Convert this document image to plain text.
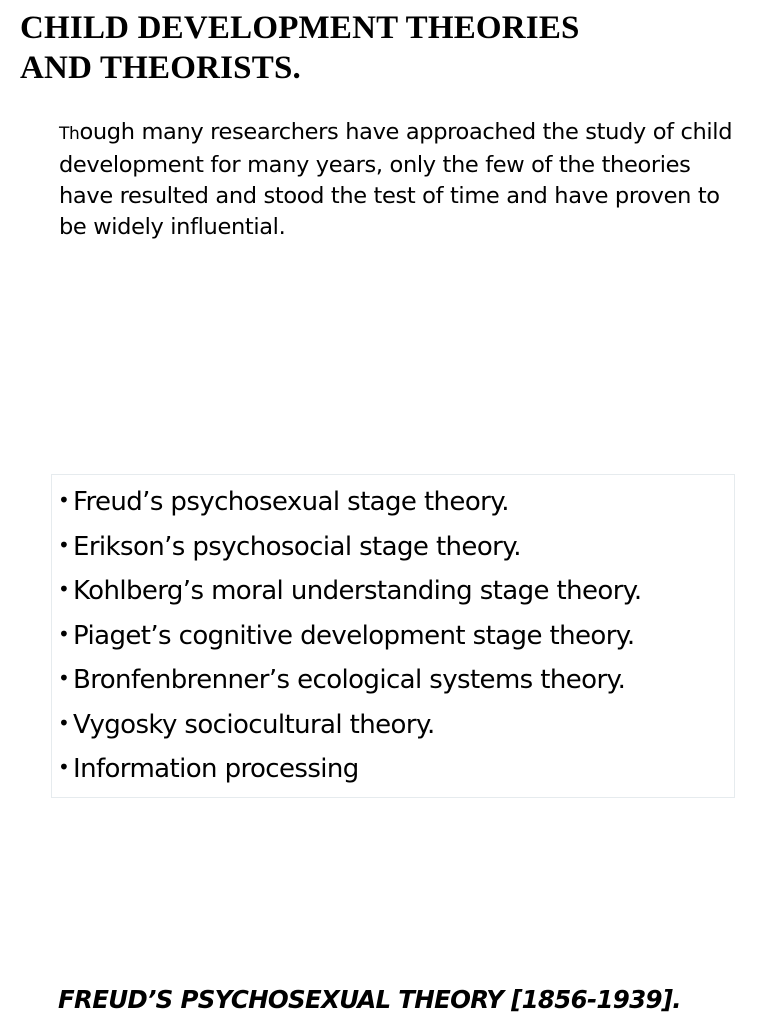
CHILD DEVELOPMENT THEORIES
AND THEORISTS.

Though many researchers have approached the study of child development for many years, only the few of the theories have resulted and stood the test of time and have proven to be widely influential.

• Freud’s psychosexual stage theory.
• Erikson’s psychosocial stage theory.
• Kohlberg’s moral understanding stage theory.
• Piaget’s cognitive development stage theory.
• Bronfenbrenner’s ecological systems theory.
• Vygosky sociocultural theory.
• Information processing
FREUD’S PSYCHOSEXUAL THEORY [1856-1939].
